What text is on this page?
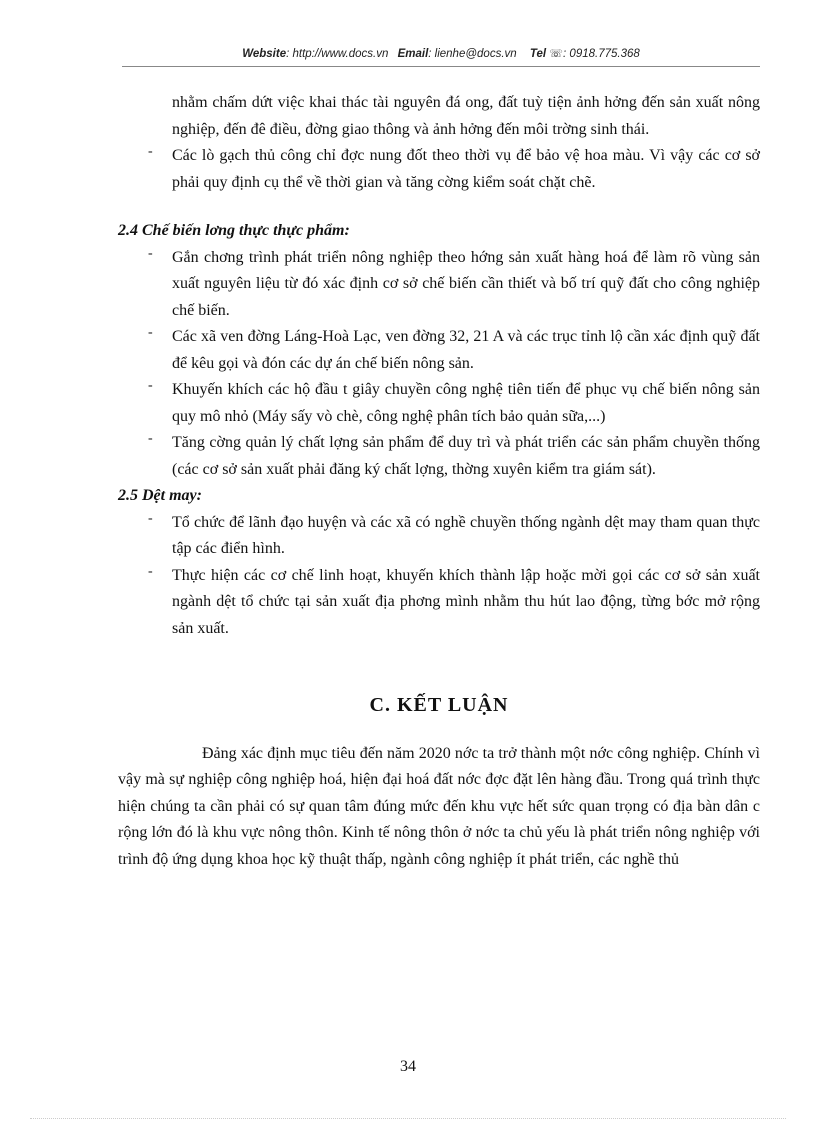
Website: http://www.docs.vn Email: lienhe@docs.vn Tel ☏: 0918.775.368

nhằm chấm dứt việc khai thác tài nguyên đá ong, đất tuỳ tiện ảnh hởng đến sản xuất nông nghiệp, đến đê điều, đờng giao thông và ảnh hởng đến môi trờng sinh thái.

- Các lò gạch thủ công chỉ đợc nung đốt theo thời vụ để bảo vệ hoa màu. Vì vậy các cơ sở phải quy định cụ thể về thời gian và tăng cờng kiểm soát chặt chẽ.

2.4 Chế biến lơng thực thực phẩm:

- Gắn chơng trình phát triển nông nghiệp theo hớng sản xuất hàng hoá để làm rõ vùng sản xuất nguyên liệu từ đó xác định cơ sở chế biến cần thiết và bố trí quỹ đất cho công nghiệp chế biến.

- Các xã ven đờng Láng-Hoà Lạc, ven đờng 32, 21 A và các trục tỉnh lộ cần xác định quỹ đất để kêu gọi và đón các dự án chế biến nông sản.

- Khuyến khích các hộ đầu t giây chuyền công nghệ tiên tiến để phục vụ chế biến nông sản quy mô nhỏ (Máy sấy vò chè, công nghệ phân tích bảo quản sữa,...)

- Tăng cờng quản lý chất lợng sản phẩm để duy trì và phát triển các sản phẩm chuyền thống (các cơ sở sản xuất phải đăng ký chất lợng, thờng xuyên kiểm tra giám sát).

2.5 Dệt may:

- Tổ chức để lãnh đạo huyện và các xã có nghề chuyền thống ngành dệt may tham quan thực tập các điển hình.

- Thực hiện các cơ chế linh hoạt, khuyến khích thành lập hoặc mời gọi các cơ sở sản xuất ngành dệt tổ chức tại sản xuất địa phơng mình nhằm thu hút lao động, từng bớc mở rộng sản xuất.

C. KẾT LUẬN

Đảng xác định mục tiêu đến năm 2020 nớc ta trở thành một nớc công nghiệp. Chính vì vậy mà sự nghiệp công nghiệp hoá, hiện đại hoá đất nớc đợc đặt lên hàng đầu. Trong quá trình thực hiện chúng ta cần phải có sự quan tâm đúng mức đến khu vực hết sức quan trọng có địa bàn dân c rộng lớn đó là khu vực nông thôn. Kinh tế nông thôn ở nớc ta chủ yếu là phát triển nông nghiệp với trình độ ứng dụng khoa học kỹ thuật thấp, ngành công nghiệp ít phát triển, các nghề thủ

34
